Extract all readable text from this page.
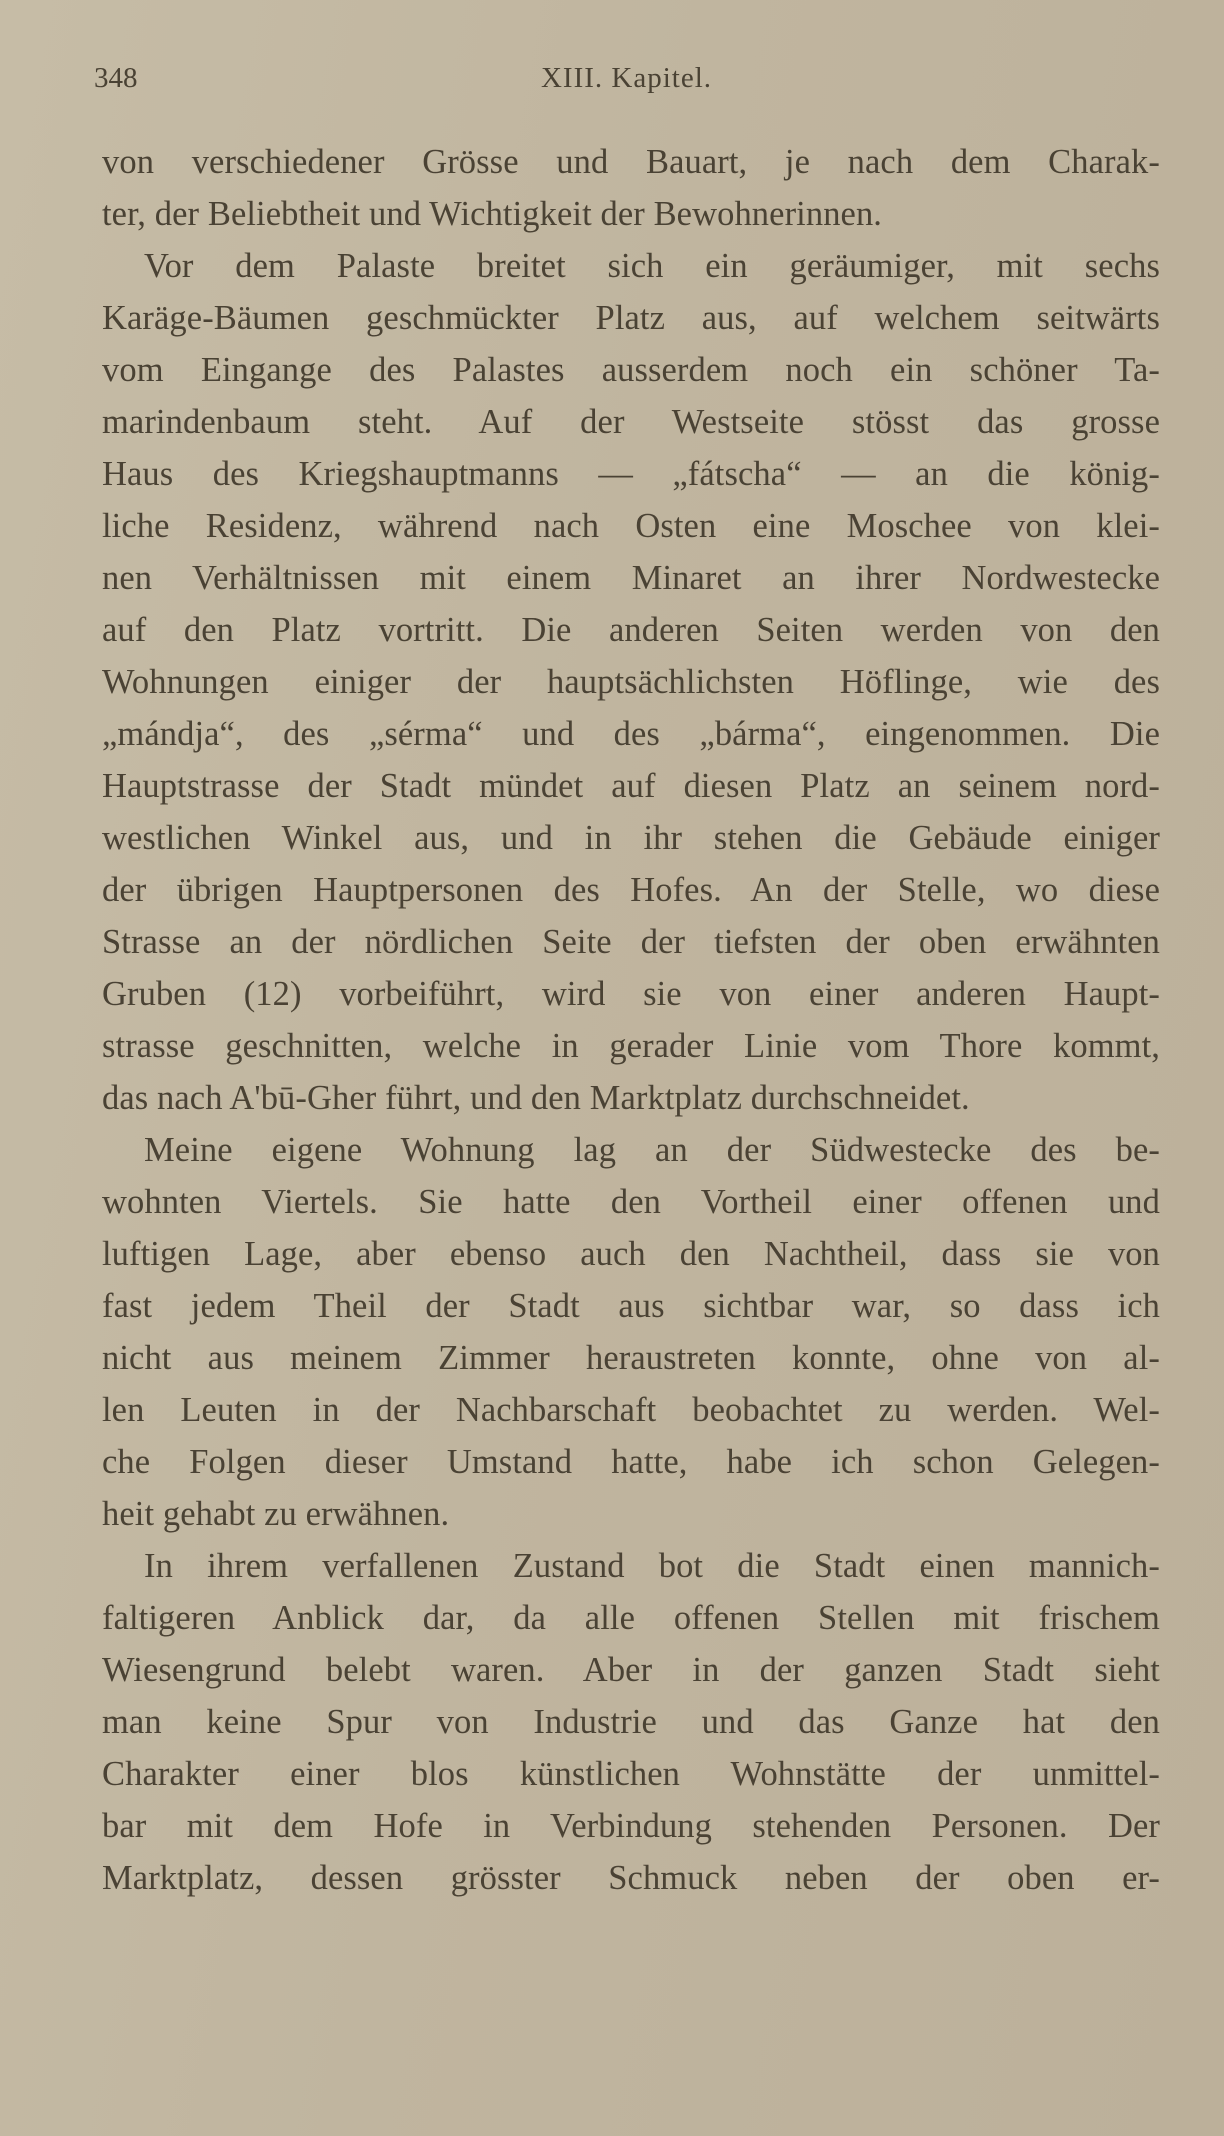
348	XIII. Kapitel.
von verschiedener Grösse und Bauart, je nach dem Charak-
ter, der Beliebtheit und Wichtigkeit der Bewohnerinnen.
Vor dem Palaste breitet sich ein geräumiger, mit sechs
Karäge-Bäumen geschmückter Platz aus, auf welchem seitwärts
vom Eingange des Palastes ausserdem noch ein schöner Ta-
marindenbaum steht. Auf der Westseite stösst das grosse
Haus des Kriegshauptmanns — „fátscha“ — an die könig-
liche Residenz, während nach Osten eine Moschee von klei-
nen Verhältnissen mit einem Minaret an ihrer Nordwestecke
auf den Platz vortritt. Die anderen Seiten werden von den
Wohnungen einiger der hauptsächlichsten Höflinge, wie des
„mándja“, des „sérma“ und des „bárma“, eingenommen. Die
Hauptstrasse der Stadt mündet auf diesen Platz an seinem nord-
westlichen Winkel aus, und in ihr stehen die Gebäude einiger
der übrigen Hauptpersonen des Hofes. An der Stelle, wo diese
Strasse an der nördlichen Seite der tiefsten der oben erwähnten
Gruben (12) vorbeiführt, wird sie von einer anderen Haupt-
strasse geschnitten, welche in gerader Linie vom Thore kommt,
das nach A'bū-Gher führt, und den Marktplatz durchschneidet.
Meine eigene Wohnung lag an der Südwestecke des be-
wohnten Viertels. Sie hatte den Vortheil einer offenen und
luftigen Lage, aber ebenso auch den Nachtheil, dass sie von
fast jedem Theil der Stadt aus sichtbar war, so dass ich
nicht aus meinem Zimmer heraustreten konnte, ohne von al-
len Leuten in der Nachbarschaft beobachtet zu werden. Wel-
che Folgen dieser Umstand hatte, habe ich schon Gelegen-
heit gehabt zu erwähnen.
In ihrem verfallenen Zustand bot die Stadt einen mannich-
faltigeren Anblick dar, da alle offenen Stellen mit frischem
Wiesengrund belebt waren. Aber in der ganzen Stadt sieht
man keine Spur von Industrie und das Ganze hat den
Charakter einer blos künstlichen Wohnstätte der unmittel-
bar mit dem Hofe in Verbindung stehenden Personen. Der
Marktplatz, dessen grösster Schmuck neben der oben er-
